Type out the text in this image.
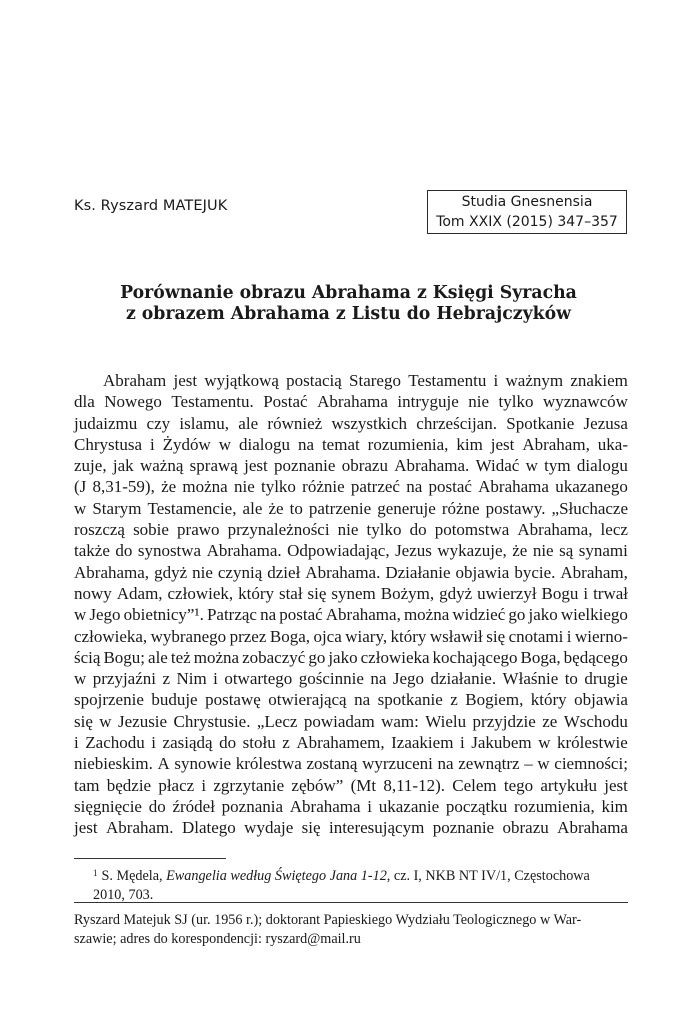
Ks. Ryszard MATEJUK	Studia Gnesnensia
Tom XXIX (2015) 347–357
Porównanie obrazu Abrahama z Księgi Syracha
z obrazem Abrahama z Listu do Hebrajczyków
Abraham jest wyjątkową postacią Starego Testamentu i ważnym znakiem
dla Nowego Testamentu. Postać Abrahama intryguje nie tylko wyznawców
judaizmu czy islamu, ale również wszystkich chrześcijan. Spotkanie Jezusa
Chrystusa i Żydów w dialogu na temat rozumienia, kim jest Abraham, uka-
zuje, jak ważną sprawą jest poznanie obrazu Abrahama. Widać w tym dialogu
(J 8,31-59), że można nie tylko różnie patrzeć na postać Abrahama ukazanego
w Starym Testamencie, ale że to patrzenie generuje różne postawy. „Słuchacze
roszczą sobie prawo przynależności nie tylko do potomstwa Abrahama, lecz
także do synostwa Abrahama. Odpowiadając, Jezus wykazuje, że nie są synami
Abrahama, gdyż nie czynią dzieł Abrahama. Działanie objawia bycie. Abraham,
nowy Adam, człowiek, który stał się synem Bożym, gdyż uwierzył Bogu i trwał
w Jego obietnicy”¹. Patrząc na postać Abrahama, można widzieć go jako wielkiego
człowieka, wybranego przez Boga, ojca wiary, który wsławił się cnotami i wierno-
ścią Bogu; ale też można zobaczyć go jako człowieka kochającego Boga, będącego
w przyjaźni z Nim i otwartego gościnnie na Jego działanie. Właśnie to drugie
spojrzenie buduje postawę otwierającą na spotkanie z Bogiem, który objawia
się w Jezusie Chrystusie. „Lecz powiadam wam: Wielu przyjdzie ze Wschodu
i Zachodu i zasiądą do stołu z Abrahamem, Izaakiem i Jakubem w królestwie
niebieskim. A synowie królestwa zostaną wyrzuceni na zewnątrz – w ciemności;
tam będzie płacz i zgrzytanie zębów” (Mt 8,11-12). Celem tego artykułu jest
sięgnięcie do źródeł poznania Abrahama i ukazanie początku rozumienia, kim
jest Abraham. Dlatego wydaje się interesującym poznanie obrazu Abrahama
$^1$ S. Mędela, Ewangelia według Świętego Jana 1-12, cz. I, NKB NT IV/1, Częstochowa
2010, 703.
Ryszard Matejuk SJ (ur. 1956 r.); doktorant Papieskiego Wydziału Teologicznego w War-
szawie; adres do korespondencji: ryszard@mail.ru
